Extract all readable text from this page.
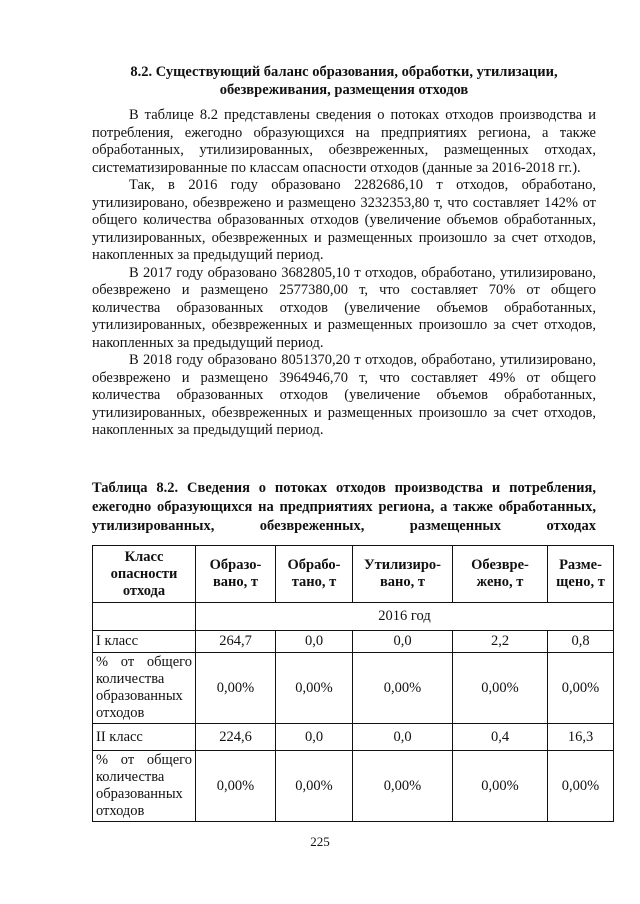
8.2. Существующий баланс образования, обработки, утилизации,
обезвреживания, размещения отходов

В таблице 8.2 представлены сведения о потоках отходов производства и потребления, ежегодно образующихся на предприятиях региона, а также обработанных, утилизированных, обезвреженных, размещенных отходах, систематизированные по классам опасности отходов (данные за 2016-2018 гг.).

Так, в 2016 году образовано 2282686,10 т отходов, обработано, утилизировано, обезврежено и размещено 3232353,80 т, что составляет 142% от общего количества образованных отходов (увеличение объемов обработанных, утилизированных, обезвреженных и размещенных произошло за счет отходов, накопленных за предыдущий период.

В 2017 году образовано 3682805,10 т отходов, обработано, утилизировано, обезврежено и размещено 2577380,00 т, что составляет 70% от общего количества образованных отходов (увеличение объемов обработанных, утилизированных, обезвреженных и размещенных произошло за счет отходов, накопленных за предыдущий период.

В 2018 году образовано 8051370,20 т отходов, обработано, утилизировано, обезврежено и размещено 3964946,70 т, что составляет 49% от общего количества образованных отходов (увеличение объемов обработанных, утилизированных, обезвреженных и размещенных произошло за счет отходов, накопленных за предыдущий период.

Таблица 8.2. Сведения о потоках отходов производства и потребления, ежегодно образующихся на предприятиях региона, а также обработанных, утилизированных, обезвреженных, размещенных отходах
Класс опасности отхода	Образо-вано, т	Обрабо-тано, т	Утилизиро-вано, т	Обезвре-жено, т	Разме-щено, т
	2016 год				
I класс	264,7	0,0	0,0	2,2	0,8
% от общего количества образованных отходов	0,00%	0,00%	0,00%	0,00%	0,00%
II класс	224,6	0,0	0,0	0,4	16,3
% от общего количества образованных отходов	0,00%	0,00%	0,00%	0,00%	0,00%
225
